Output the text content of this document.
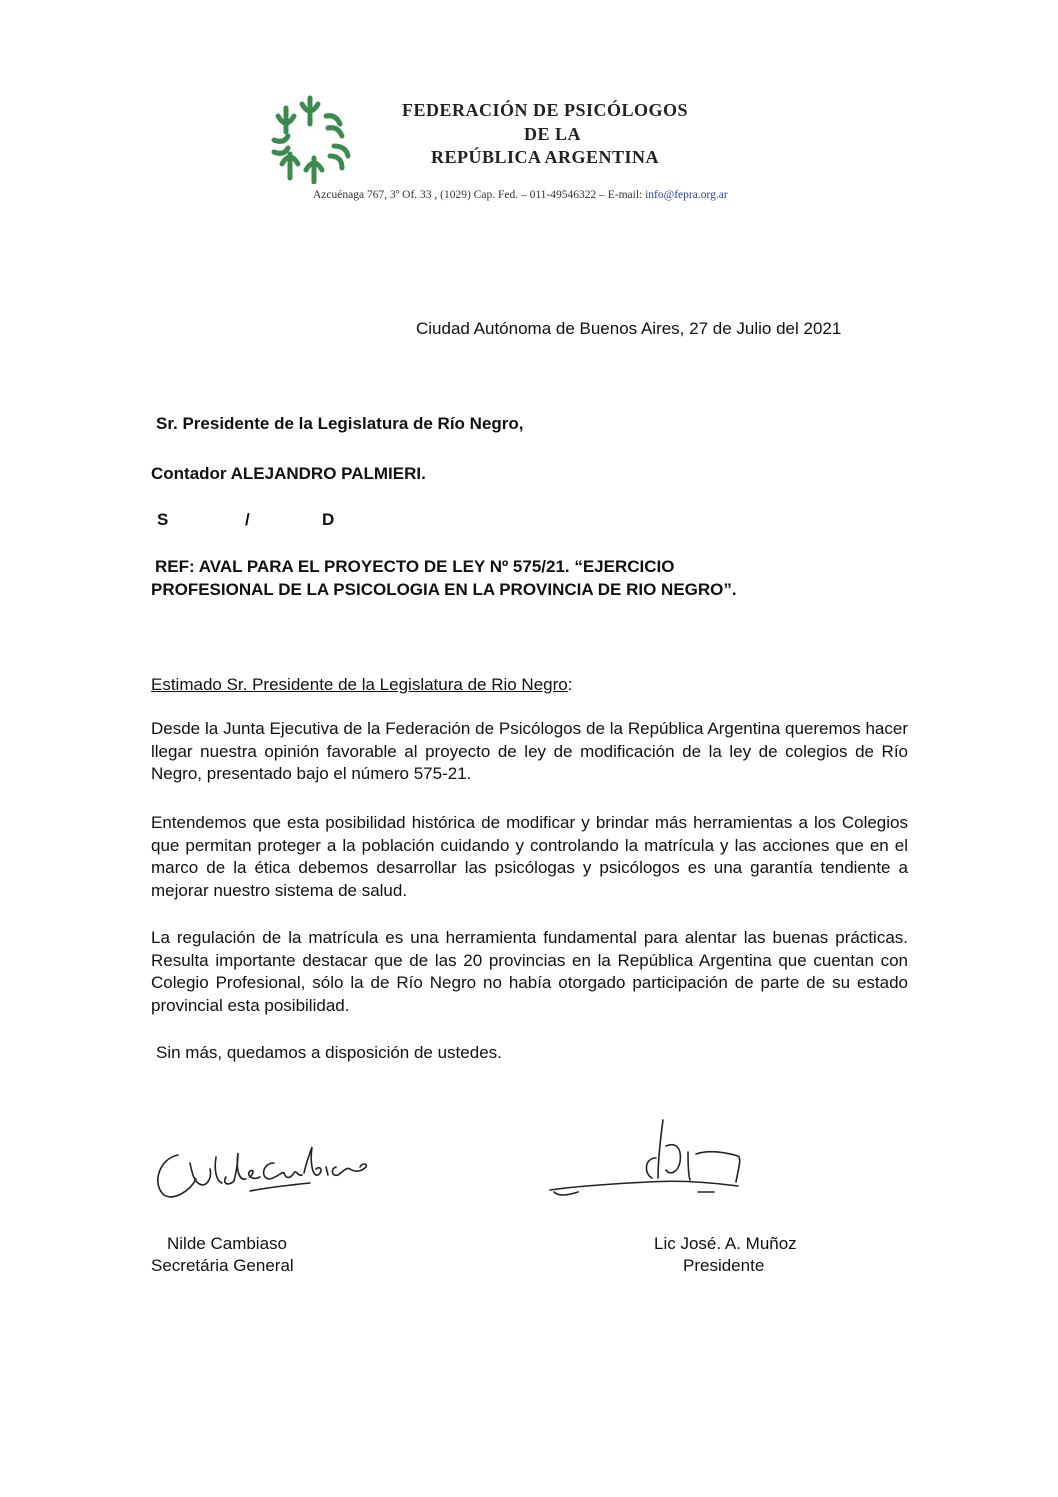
FEDERACIÓN DE PSICÓLOGOS
DE LA
REPÚBLICA ARGENTINA
Azcuénaga 767, 3º Of. 33 , (1029) Cap. Fed. – 011-49546322 – E-mail: info@fepra.org.ar
Ciudad Autónoma de Buenos Aires, 27 de Julio del 2021
Sr. Presidente de la Legislatura de Río Negro,
Contador ALEJANDRO PALMIERI.
S	/	D
REF: AVAL PARA EL PROYECTO DE LEY Nº 575/21. “EJERCICIO
PROFESIONAL DE LA PSICOLOGIA EN LA PROVINCIA DE RIO NEGRO”.
Estimado Sr. Presidente de la Legislatura de Rio Negro:
Desde la Junta Ejecutiva de la Federación de Psicólogos de la República Argentina queremos hacer llegar nuestra opinión favorable al proyecto de ley de modificación de la ley de colegios de Río Negro, presentado bajo el número 575-21.
Entendemos que esta posibilidad histórica de modificar y brindar más herramientas a los Colegios que permitan proteger a la población cuidando y controlando la matrícula y las acciones que en el marco de la ética debemos desarrollar las psicólogas y psicólogos es una garantía tendiente a mejorar nuestro sistema de salud.
La regulación de la matrícula es una herramienta fundamental para alentar las buenas prácticas. Resulta importante destacar que de las 20 provincias en la República Argentina que cuentan con Colegio Profesional, sólo la de Río Negro no había otorgado participación de parte de su estado provincial esta posibilidad.
Sin más, quedamos a disposición de ustedes.
Nilde Cambiaso
Secretária General
Lic José. A. Muñoz
Presidente
